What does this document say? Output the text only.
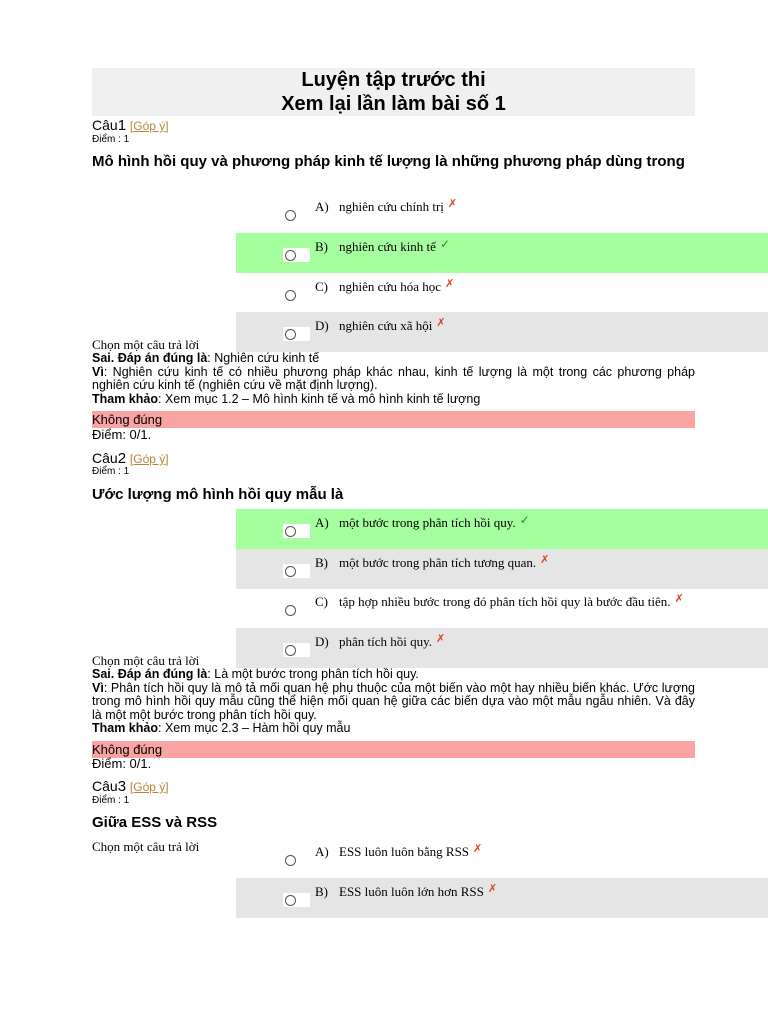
Luyện tập trước thi
Xem lại lần làm bài số 1
Câu1 [Góp ý]
Điểm : 1
Mô hình hồi quy và phương pháp kinh tế lượng là những phương pháp dùng trong
A) nghiên cứu chính trị ✗
B) nghiên cứu kinh tế ✓
C) nghiên cứu hóa học ✗
D) nghiên cứu xã hội ✗
Chọn một câu trả lời
Sai. Đáp án đúng là: Nghiên cứu kinh tế
Vì: Nghiên cứu kinh tế có nhiều phương pháp khác nhau, kinh tế lượng là một trong các phương pháp nghiên cứu kinh tế (nghiên cứu về mặt định lượng).
Tham khảo: Xem mục 1.2 – Mô hình kinh tế và mô hình kinh tế lượng
Không đúng
Điểm: 0/1.
Câu2 [Góp ý]
Điểm : 1
Ước lượng mô hình hồi quy mẫu là
A) một bước trong phân tích hồi quy. ✓
B) một bước trong phân tích tương quan. ✗
C) tập hợp nhiều bước trong đó phân tích hồi quy là bước đầu tiên. ✗
D) phân tích hồi quy. ✗
Chọn một câu trả lời
Sai. Đáp án đúng là: Là một bước trong phân tích hồi quy.
Vì: Phân tích hồi quy là mô tả mối quan hệ phụ thuộc của một biến vào một hay nhiều biến khác. Ước lượng trong mô hình hồi quy mẫu cũng thể hiện mối quan hệ giữa các biến dựa vào một mẫu ngẫu nhiên. Và đây là một một bước trong phân tích hồi quy.
Tham khảo: Xem mục 2.3 – Hàm hồi quy mẫu
Không đúng
Điểm: 0/1.
Câu3 [Góp ý]
Điểm : 1
Giữa ESS và RSS
Chọn một câu trả lời	A) ESS luôn luôn bằng RSS ✗
B) ESS luôn luôn lớn hơn RSS ✗
